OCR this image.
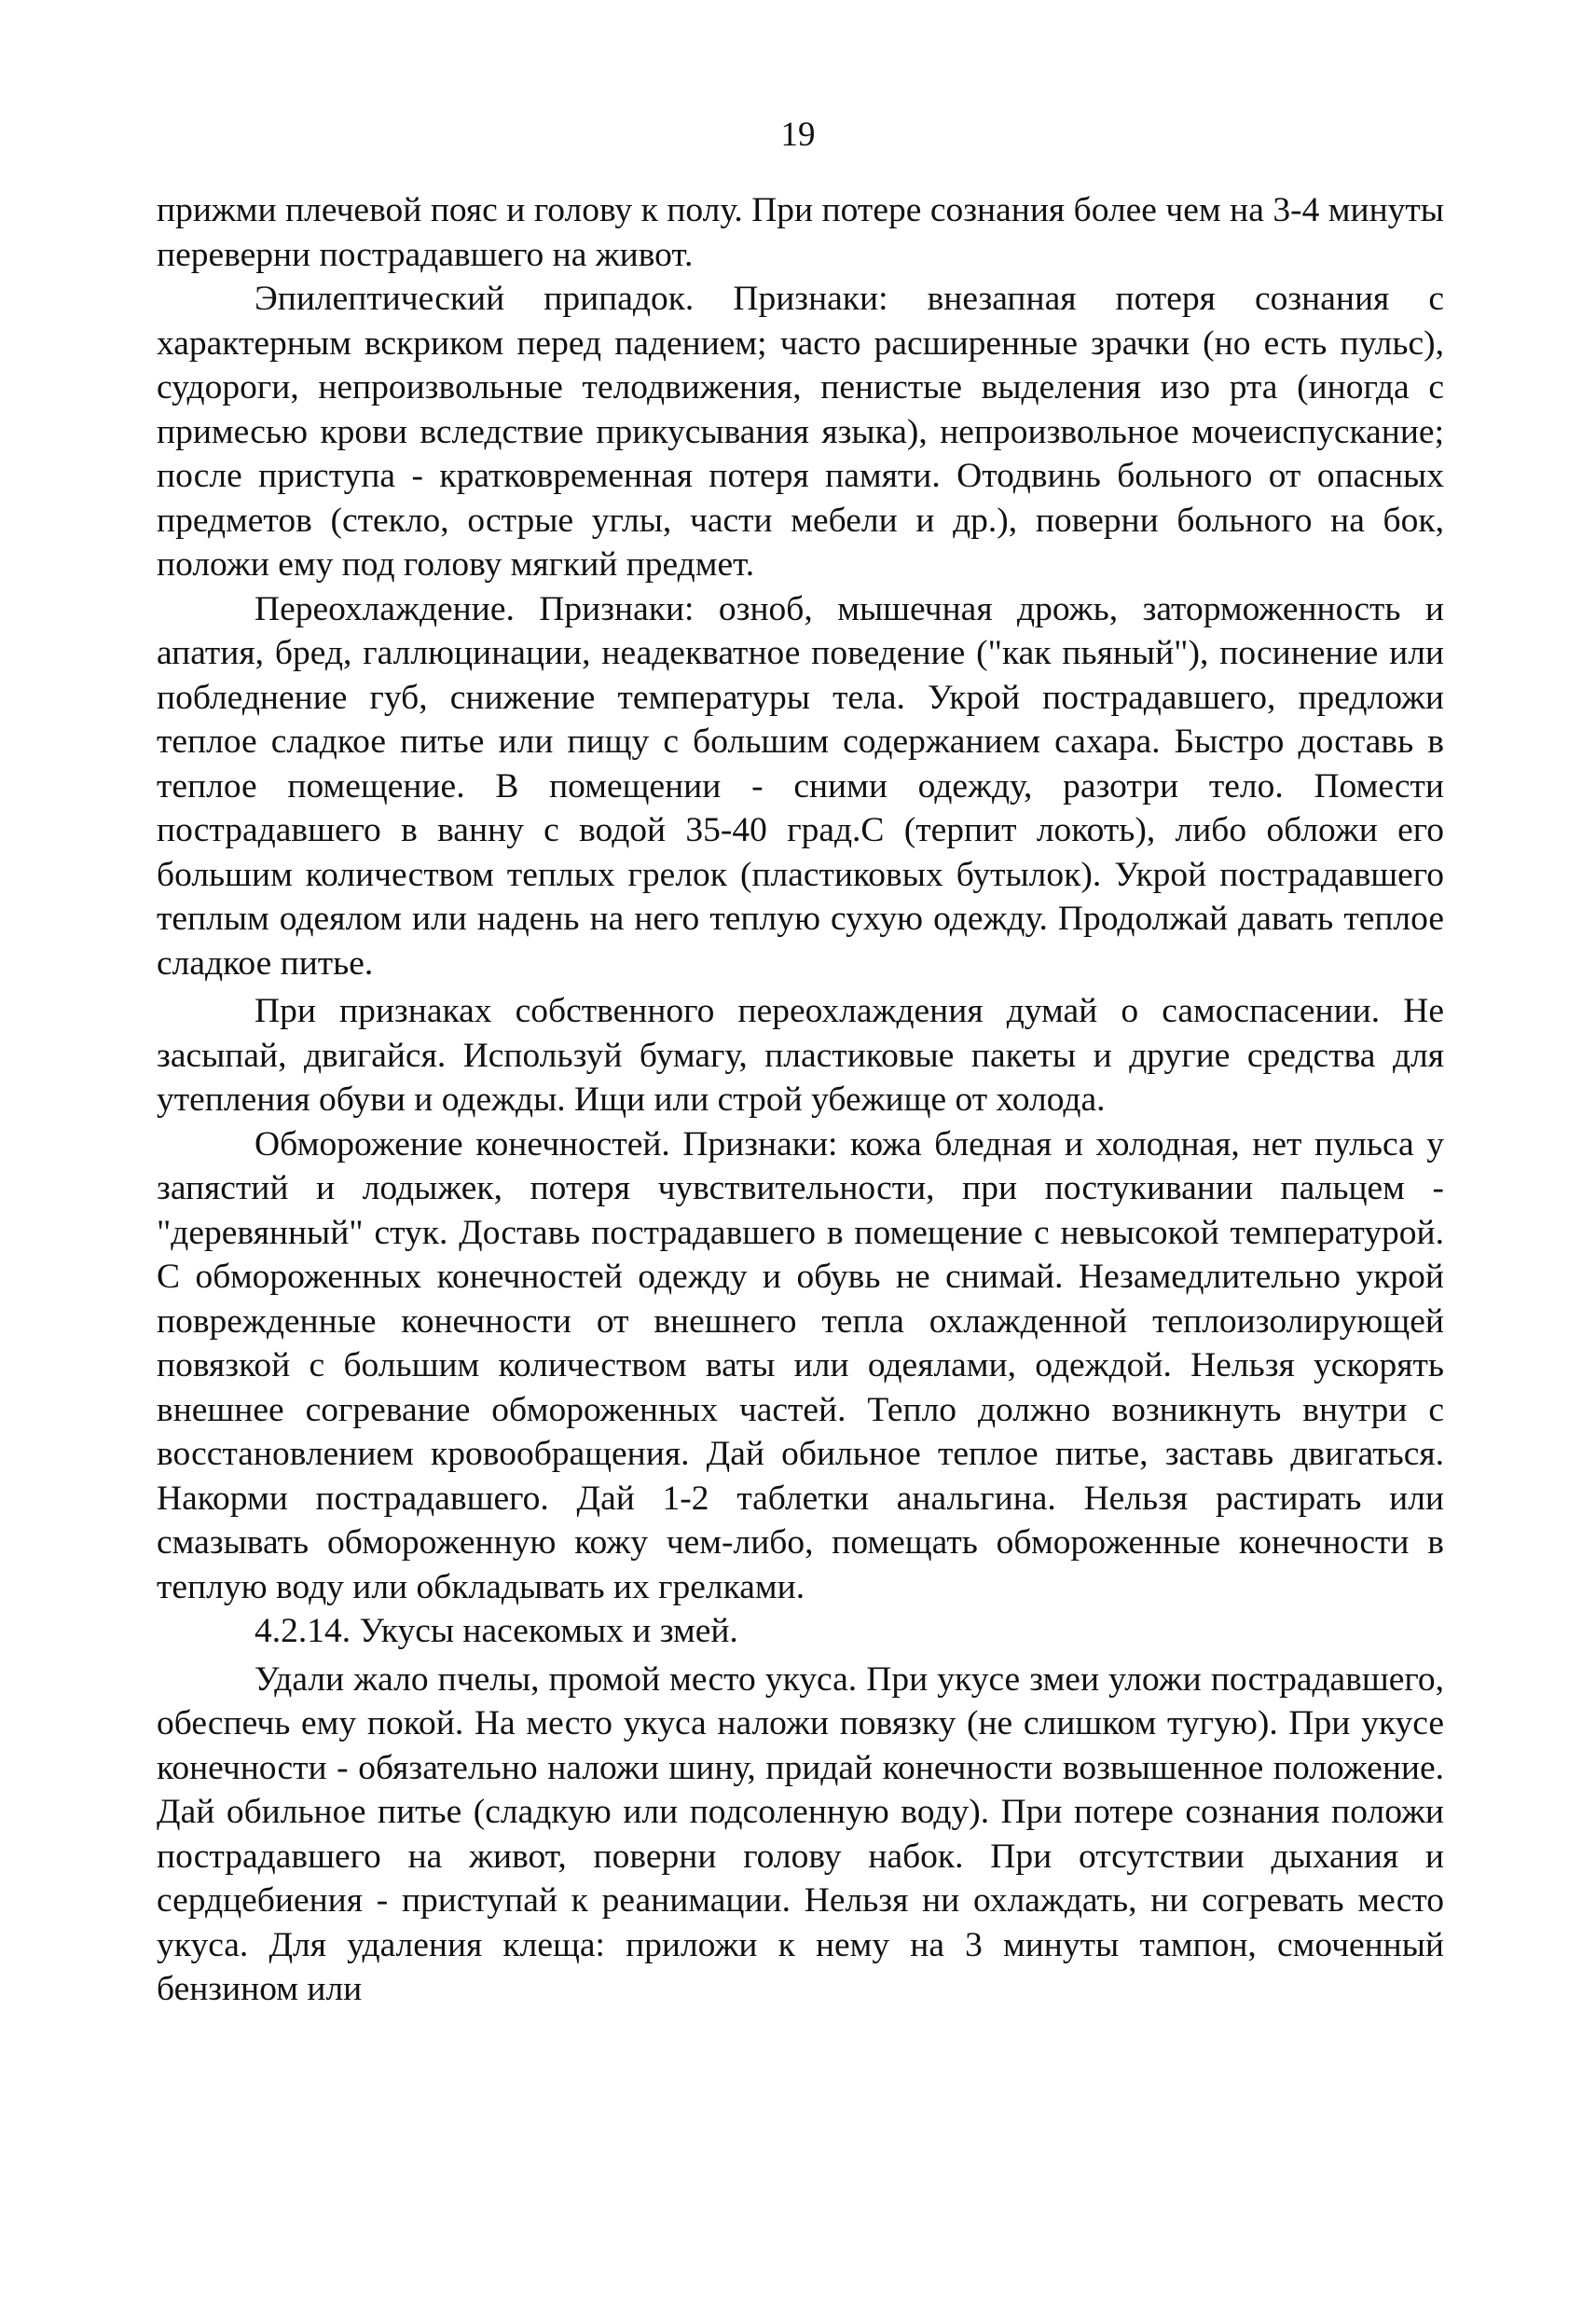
19

прижми плечевой пояс и голову к полу. При потере сознания более чем на 3-4 минуты переверни пострадавшего на живот.

Эпилептический припадок. Признаки: внезапная потеря сознания с характерным вскриком перед падением; часто расширенные зрачки (но есть пульс), судороги, непроизвольные телодвижения, пенистые выделения изо рта (иногда с примесью крови вследствие прикусывания языка), непроизвольное мочеиспускание; после приступа - кратковременная потеря памяти. Отодвинь больного от опасных предметов (стекло, острые углы, части мебели и др.), поверни больного на бок, положи ему под голову мягкий предмет.

Переохлаждение. Признаки: озноб, мышечная дрожь, заторможенность и апатия, бред, галлюцинации, неадекватное поведение ("как пьяный"), посинение или побледнение губ, снижение температуры тела. Укрой пострадавшего, предложи теплое сладкое питье или пищу с большим содержанием сахара. Быстро доставь в теплое помещение. В помещении - сними одежду, разотри тело. Помести пострадавшего в ванну с водой 35-40 град.С (терпит локоть), либо обложи его большим количеством теплых грелок (пластиковых бутылок). Укрой пострадавшего теплым одеялом или надень на него теплую сухую одежду. Продолжай давать теплое сладкое питье.

При признаках собственного переохлаждения думай о самоспасении. Не засыпай, двигайся. Используй бумагу, пластиковые пакеты и другие средства для утепления обуви и одежды. Ищи или строй убежище от холода.

Обморожение конечностей. Признаки: кожа бледная и холодная, нет пульса у запястий и лодыжек, потеря чувствительности, при постукивании пальцем - "деревянный" стук. Доставь пострадавшего в помещение с невысокой температурой. С обмороженных конечностей одежду и обувь не снимай. Незамедлительно укрой поврежденные конечности от внешнего тепла охлажденной теплоизолирующей повязкой с большим количеством ваты или одеялами, одеждой. Нельзя ускорять внешнее согревание обмороженных частей. Тепло должно возникнуть внутри с восстановлением кровообращения. Дай обильное теплое питье, заставь двигаться. Накорми пострадавшего. Дай 1-2 таблетки анальгина. Нельзя растирать или смазывать обмороженную кожу чем-либо, помещать обмороженные конечности в теплую воду или обкладывать их грелками.

4.2.14. Укусы насекомых и змей.

Удали жало пчелы, промой место укуса. При укусе змеи уложи пострадавшего, обеспечь ему покой. На место укуса наложи повязку (не слишком тугую). При укусе конечности - обязательно наложи шину, придай конечности возвышенное положение. Дай обильное питье (сладкую или подсоленную воду). При потере сознания положи пострадавшего на живот, поверни голову набок. При отсутствии дыхания и сердцебиения - приступай к реанимации. Нельзя ни охлаждать, ни согревать место укуса. Для удаления клеща: приложи к нему на 3 минуты тампон, смоченный бензином или
